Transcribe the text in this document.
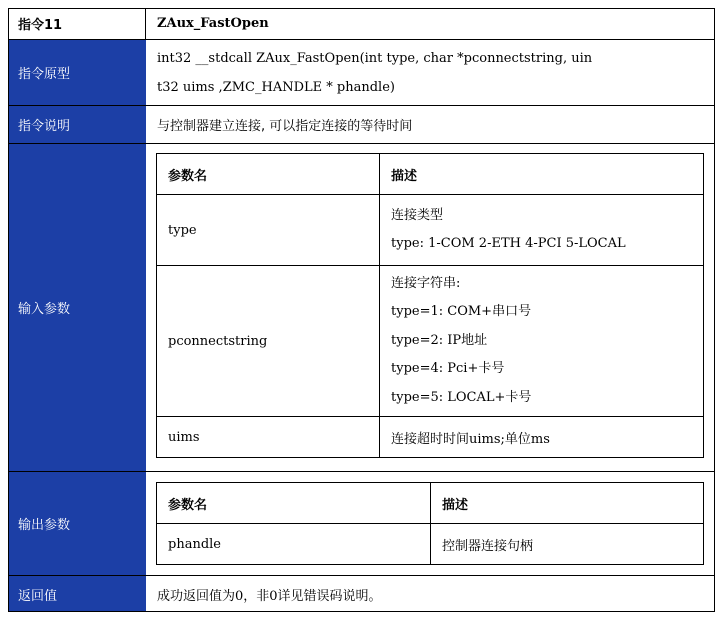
指令11	ZAux_FastOpen
指令原型
int32 __stdcall ZAux_FastOpen(int type, char *pconnectstring, uin
t32 uims ,ZMC_HANDLE * phandle)
指令说明	与控制器建立连接, 可以指定连接的等待时间
输入参数
参数名	描述
type	连接类型
type: 1-COM 2-ETH 4-PCI 5-LOCAL

pconnectstring	连接字符串:
type=1: COM+串口号
type=2: IP地址
type=4: Pci+卡号
type=5: LOCAL+卡号

uims	连接超时时间uims;单位ms
输出参数
参数名	描述
phandle	控制器连接句柄
返回值	成功返回值为0，非0详见错误码说明。
